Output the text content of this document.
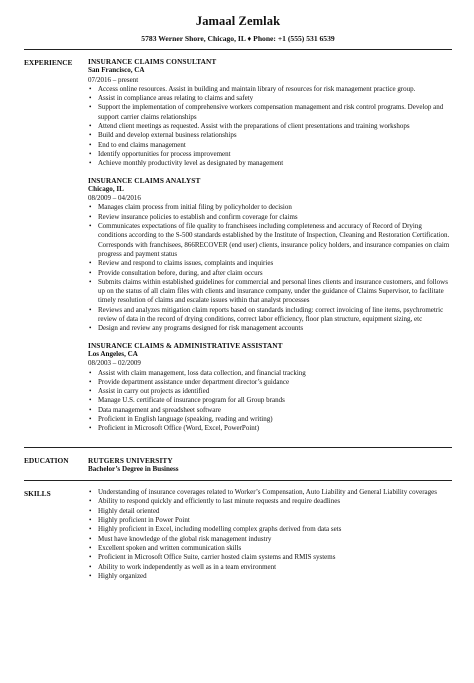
Jamaal Zemlak
5783 Werner Shore, Chicago, IL ♦ Phone: +1 (555) 531 6539
EXPERIENCE	INSURANCE CLAIMS CONSULTANT
San Francisco, CA
07/2016 – present
• Access online resources. Assist in building and maintain library of resources for risk management practice group.
• Assist in compliance areas relating to claims and safety
• Support the implementation of comprehensive workers compensation management and risk control programs. Develop and support carrier claims relationships
• Attend client meetings as requested. Assist with the preparations of client presentations and training workshops
• Build and develop external business relationships
• End to end claims management
• Identify opportunities for process improvement
• Achieve monthly productivity level as designated by management
INSURANCE CLAIMS ANALYST
Chicago, IL
08/2009 – 04/2016
• Manages claim process from initial filing by policyholder to decision
• Review insurance policies to establish and confirm coverage for claims
• Communicates expectations of file quality to franchisees including completeness and accuracy of Record of Drying conditions according to the S-500 standards established by the Institute of Inspection, Cleaning and Restoration Certification. Corresponds with franchisees, 866RECOVER (end user) clients, insurance policy holders, and insurance companies on claim progress and payment status
• Review and respond to claims issues, complaints and inquiries
• Provide consultation before, during, and after claim occurs
• Submits claims within established guidelines for commercial and personal lines clients and insurance customers, and follows up on the status of all claim files with clients and insurance company, under the guidance of Claims Supervisor, to facilitate timely resolution of claims and escalate issues within that analyst processes
• Reviews and analyzes mitigation claim reports based on standards including: correct invoicing of line items, psychrometric review of data in the record of drying conditions, correct labor efficiency, floor plan structure, equipment sizing, etc
• Design and review any programs designed for risk management accounts
INSURANCE CLAIMS & ADMINISTRATIVE ASSISTANT
Los Angeles, CA
08/2003 – 02/2009
• Assist with claim management, loss data collection, and financial tracking
• Provide department assistance under department director’s guidance
• Assist in carry out projects as identified
• Manage U.S. certificate of insurance program for all Group brands
• Data management and spreadsheet software
• Proficient in English language (speaking, reading and writing)
• Proficient in Microsoft Office (Word, Excel, PowerPoint)
EDUCATION	RUTGERS UNIVERSITY
Bachelor’s Degree in Business
SKILLS
•	Understanding of insurance coverages related to Worker’s Compensation, Auto Liability and General Liability coverages
• Ability to respond quickly and efficiently to last minute requests and require deadlines
• Highly detail oriented
• Highly proficient in Power Point
• Highly proficient in Excel, including modelling complex graphs derived from data sets
• Must have knowledge of the global risk management industry
• Excellent spoken and written communication skills
• Proficient in Microsoft Office Suite, carrier hosted claim systems and RMIS systems
• Ability to work independently as well as in a team environment
• Highly organized
